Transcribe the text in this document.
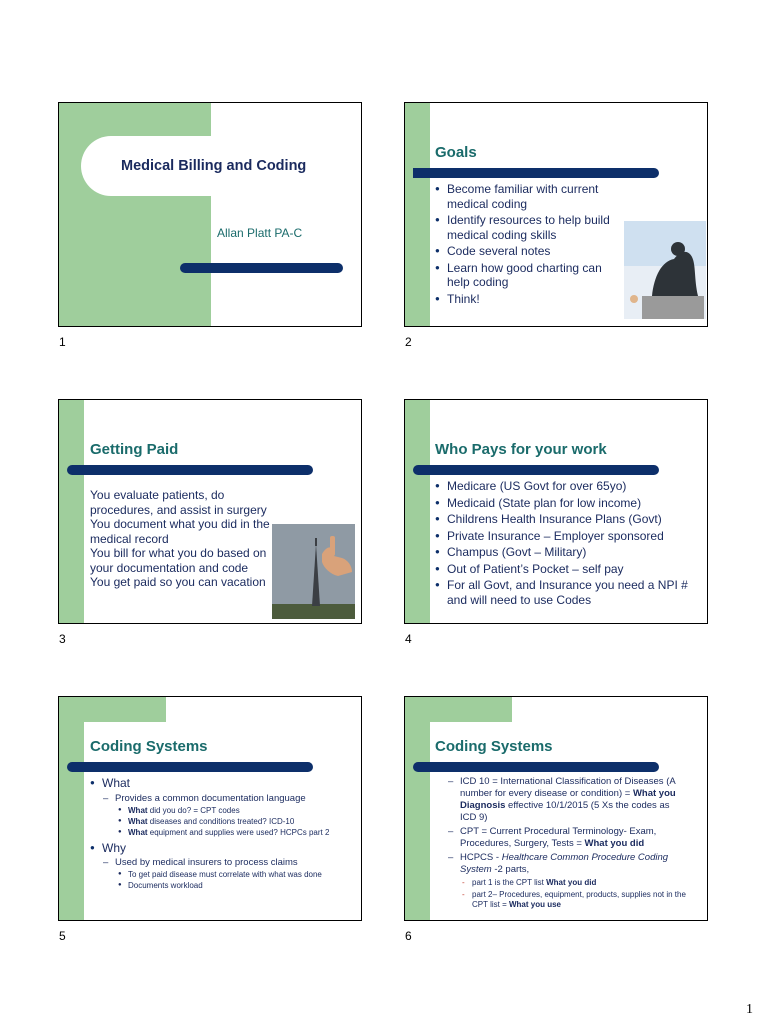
Medical Billing and Coding
Allan Platt PA-C
1
Goals
● Become familiar with current medical coding
● Identify resources to help build medical coding skills
● Code several notes
● Learn how good charting can help coding
● Think!
2
Getting Paid

You evaluate patients, do procedures, and assist in surgery

You document what you did in the medical record

You bill for what you do based on your documentation and code

You get paid so you can vacation

3
Who Pays for your work
● Medicare (US Govt for over 65yo)
● Medicaid (State plan for low income)
● Childrens Health Insurance Plans (Govt)
● Private Insurance – Employer sponsored
● Champus (Govt – Military)
● Out of Patient’s Pocket – self pay
● For all Govt, and Insurance you need a NPI # and will need to use Codes
4
Coding Systems
● What
– Provides a common documentation language
● What did you do? = CPT codes
● What diseases and conditions treated? ICD-10
● What equipment and supplies were used? HCPCs part 2
● Why
– Used by medical insurers to process claims
● To get paid disease must correlate with what was done
● Documents workload
5
Coding Systems
– ICD 10 = International Classification of Diseases (A number for every disease or condition) = What you Diagnosis effective 10/1/2015 (5 Xs the codes as ICD 9)
– CPT = Current Procedural Terminology- Exam, Procedures, Surgery, Tests = What you did
– HCPCS - Healthcare Common Procedure Coding System -2 parts,
- part 1 is the CPT list What you did
- part 2– Procedures, equipment, products, supplies not in the CPT list = What you use
6
1
